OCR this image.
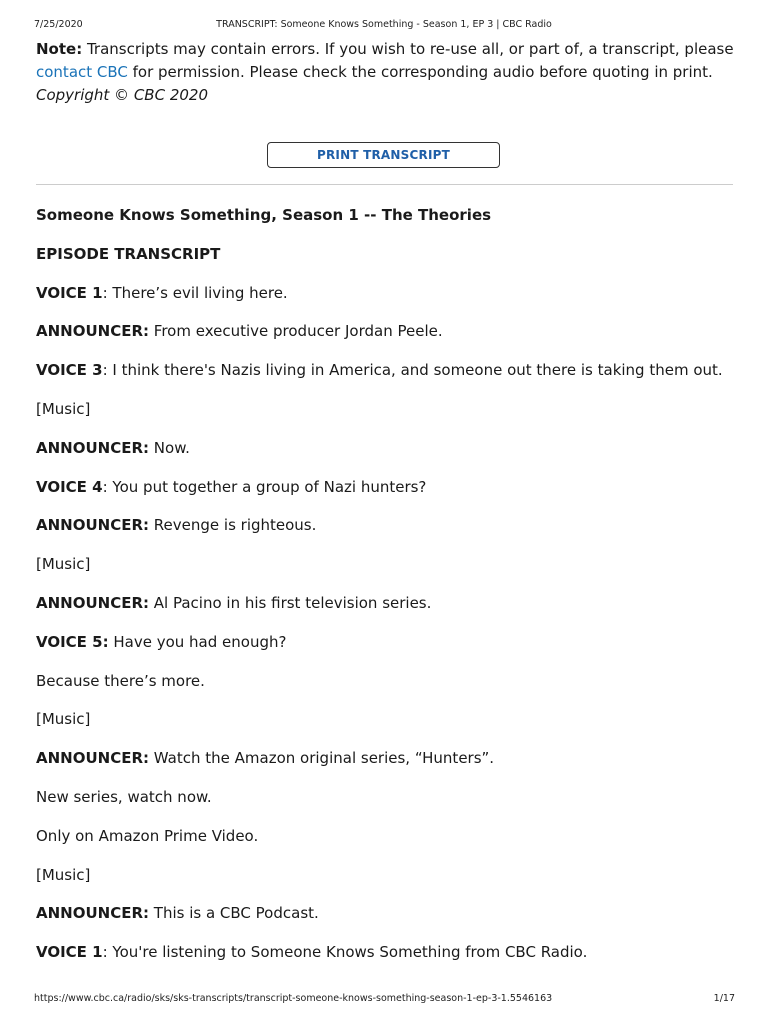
7/25/2020	TRANSCRIPT: Someone Knows Something - Season 1, EP 3 | CBC Radio
Note: Transcripts may contain errors. If you wish to re-use all, or part of, a transcript, please contact CBC for permission. Please check the corresponding audio before quoting in print.
Copyright © CBC 2020
PRINT TRANSCRIPT
Someone Knows Something, Season 1 -- The Theories
EPISODE TRANSCRIPT
VOICE 1: There’s evil living here.
ANNOUNCER: From executive producer Jordan Peele.
VOICE 3: I think there's Nazis living in America, and someone out there is taking them out.
[Music]
ANNOUNCER: Now.
VOICE 4: You put together a group of Nazi hunters?
ANNOUNCER: Revenge is righteous.
[Music]
ANNOUNCER: Al Pacino in his first television series.
VOICE 5: Have you had enough?
Because there’s more.
[Music]
ANNOUNCER: Watch the Amazon original series, “Hunters”.
New series, watch now.
Only on Amazon Prime Video.
[Music]
ANNOUNCER: This is a CBC Podcast.
VOICE 1: You're listening to Someone Knows Something from CBC Radio.
https://www.cbc.ca/radio/sks/sks-transcripts/transcript-someone-knows-something-season-1-ep-3-1.5546163	1/17
